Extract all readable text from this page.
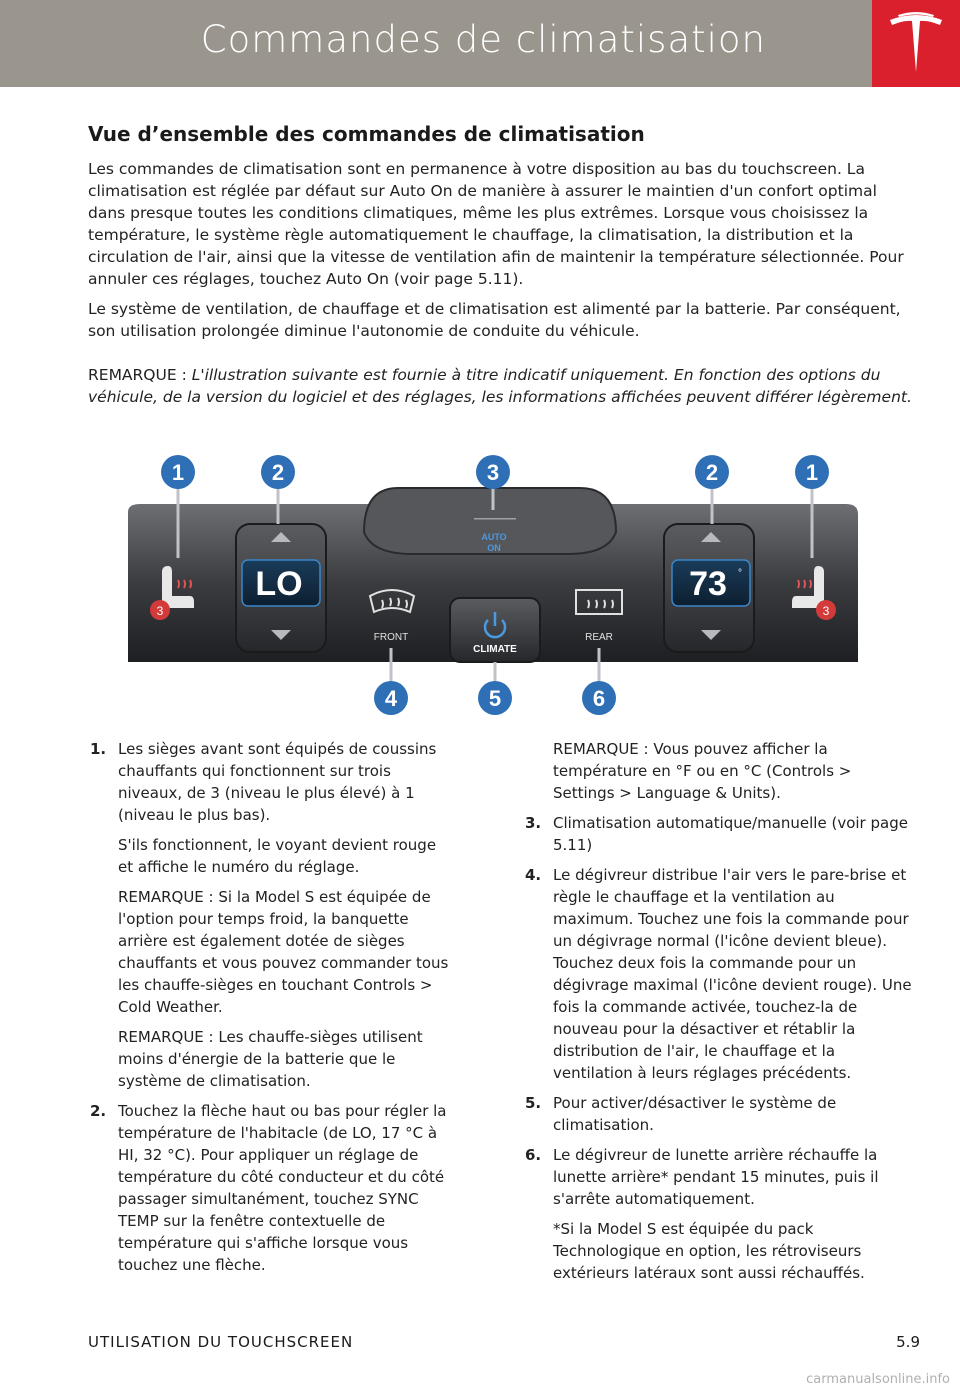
Commandes de climatisation
Vue d’ensemble des commandes de climatisation
Les commandes de climatisation sont en permanence à votre disposition au bas du touchscreen. La climatisation est réglée par défaut sur Auto On de manière à assurer le maintien d'un confort optimal dans presque toutes les conditions climatiques, même les plus extrêmes. Lorsque vous choisissez la température, le système règle automatiquement le chauffage, la climatisation, la distribution et la circulation de l'air, ainsi que la vitesse de ventilation afin de maintenir la température sélectionnée. Pour annuler ces réglages, touchez Auto On (voir page 5.11).
Le système de ventilation, de chauffage et de climatisation est alimenté par la batterie. Par conséquent, son utilisation prolongée diminue l'autonomie de conduite du véhicule.
REMARQUE : L'illustration suivante est fournie à titre indicatif uniquement. En fonction des options du véhicule, de la version du logiciel et des réglages, les informations affichées peuvent différer légèrement.
AUTO
ON
LO	73 °
3	3
FRONT	REAR
CLIMATE
1	2	3	2	1
4	5	6
1. Les sièges avant sont équipés de coussins chauffants qui fonctionnent sur trois niveaux, de 3 (niveau le plus élevé) à 1 (niveau le plus bas).
S'ils fonctionnent, le voyant devient rouge et affiche le numéro du réglage.
REMARQUE : Si la Model S est équipée de l'option pour temps froid, la banquette arrière est également dotée de sièges chauffants et vous pouvez commander tous les chauffe-sièges en touchant Controls > Cold Weather.
REMARQUE : Les chauffe-sièges utilisent moins d'énergie de la batterie que le système de climatisation.
2. Touchez la flèche haut ou bas pour régler la température de l'habitacle (de LO, 17 °C à HI, 32 °C). Pour appliquer un réglage de température du côté conducteur et du côté passager simultanément, touchez SYNC TEMP sur la fenêtre contextuelle de température qui s'affiche lorsque vous touchez une flèche.
REMARQUE : Vous pouvez afficher la température en °F ou en °C (Controls > Settings > Language & Units).
3. Climatisation automatique/manuelle (voir page 5.11)
4. Le dégivreur distribue l'air vers le pare-brise et règle le chauffage et la ventilation au maximum. Touchez une fois la commande pour un dégivrage normal (l'icône devient bleue). Touchez deux fois la commande pour un dégivrage maximal (l'icône devient rouge). Une fois la commande activée, touchez-la de nouveau pour la désactiver et rétablir la distribution de l'air, le chauffage et la ventilation à leurs réglages précédents.
5. Pour activer/désactiver le système de climatisation.
6. Le dégivreur de lunette arrière réchauffe la lunette arrière* pendant 15 minutes, puis il s'arrête automatiquement.
*Si la Model S est équipée du pack Technologique en option, les rétroviseurs extérieurs latéraux sont aussi réchauffés.
UTILISATION DU TOUCHSCREEN	5.9
carmanualsonline.info
